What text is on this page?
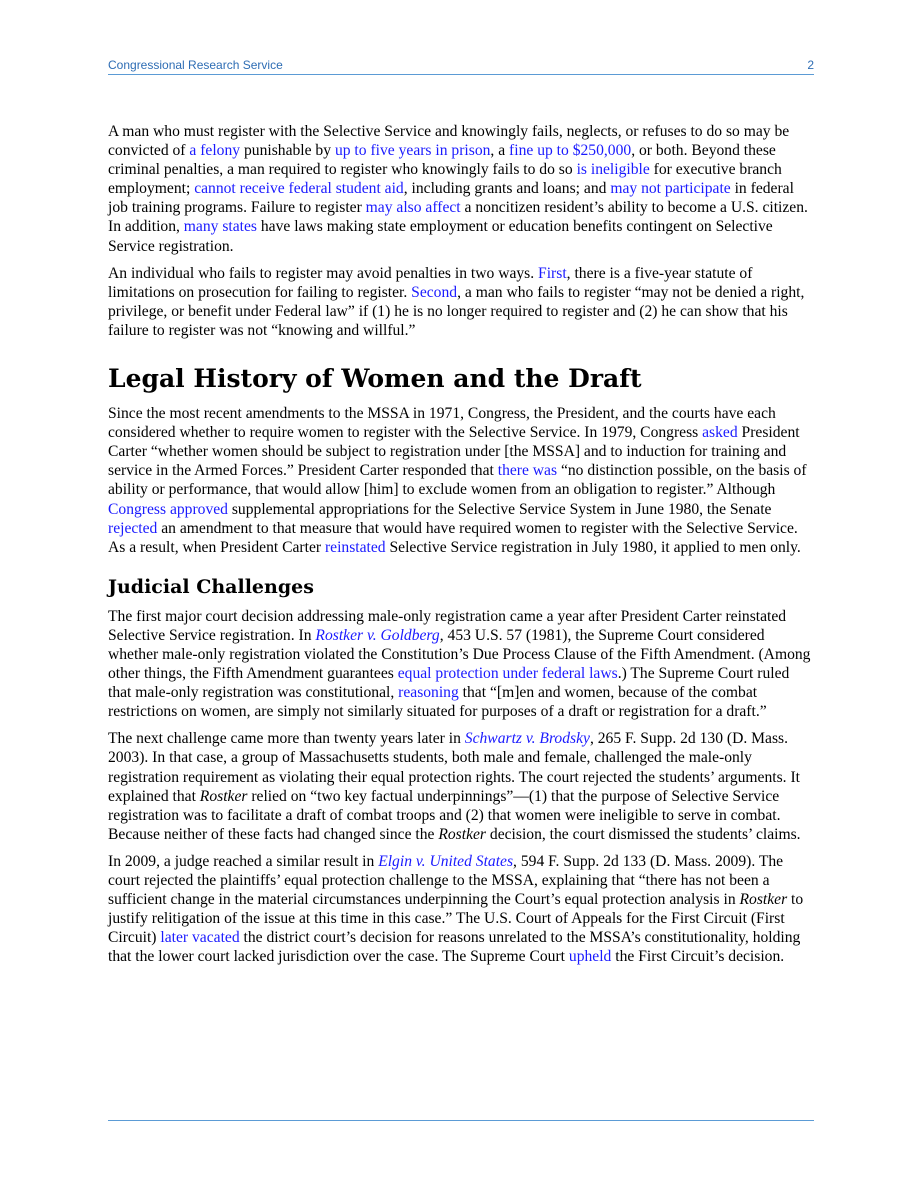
Congressional Research Service	2

A man who must register with the Selective Service and knowingly fails, neglects, or refuses to do so may be convicted of a felony punishable by up to five years in prison, a fine up to $250,000, or both. Beyond these criminal penalties, a man required to register who knowingly fails to do so is ineligible for executive branch employment; cannot receive federal student aid, including grants and loans; and may not participate in federal job training programs. Failure to register may also affect a noncitizen resident’s ability to become a U.S. citizen. In addition, many states have laws making state employment or education benefits contingent on Selective Service registration.

An individual who fails to register may avoid penalties in two ways. First, there is a five-year statute of limitations on prosecution for failing to register. Second, a man who fails to register “may not be denied a right, privilege, or benefit under Federal law” if (1) he is no longer required to register and (2) he can show that his failure to register was not “knowing and willful.”

Legal History of Women and the Draft

Since the most recent amendments to the MSSA in 1971, Congress, the President, and the courts have each considered whether to require women to register with the Selective Service. In 1979, Congress asked President Carter “whether women should be subject to registration under [the MSSA] and to induction for training and service in the Armed Forces.” President Carter responded that there was “no distinction possible, on the basis of ability or performance, that would allow [him] to exclude women from an obligation to register.” Although Congress approved supplemental appropriations for the Selective Service System in June 1980, the Senate rejected an amendment to that measure that would have required women to register with the Selective Service. As a result, when President Carter reinstated Selective Service registration in July 1980, it applied to men only.

Judicial Challenges

The first major court decision addressing male-only registration came a year after President Carter reinstated Selective Service registration. In Rostker v. Goldberg, 453 U.S. 57 (1981), the Supreme Court considered whether male-only registration violated the Constitution’s Due Process Clause of the Fifth Amendment. (Among other things, the Fifth Amendment guarantees equal protection under federal laws.) The Supreme Court ruled that male-only registration was constitutional, reasoning that “[m]en and women, because of the combat restrictions on women, are simply not similarly situated for purposes of a draft or registration for a draft.”

The next challenge came more than twenty years later in Schwartz v. Brodsky, 265 F. Supp. 2d 130 (D. Mass. 2003). In that case, a group of Massachusetts students, both male and female, challenged the male-only registration requirement as violating their equal protection rights. The court rejected the students’ arguments. It explained that Rostker relied on “two key factual underpinnings”—(1) that the purpose of Selective Service registration was to facilitate a draft of combat troops and (2) that women were ineligible to serve in combat. Because neither of these facts had changed since the Rostker decision, the court dismissed the students’ claims.

In 2009, a judge reached a similar result in Elgin v. United States, 594 F. Supp. 2d 133 (D. Mass. 2009). The court rejected the plaintiffs’ equal protection challenge to the MSSA, explaining that “there has not been a sufficient change in the material circumstances underpinning the Court’s equal protection analysis in Rostker to justify relitigation of the issue at this time in this case.” The U.S. Court of Appeals for the First Circuit (First Circuit) later vacated the district court’s decision for reasons unrelated to the MSSA’s constitutionality, holding that the lower court lacked jurisdiction over the case. The Supreme Court upheld the First Circuit’s decision.
